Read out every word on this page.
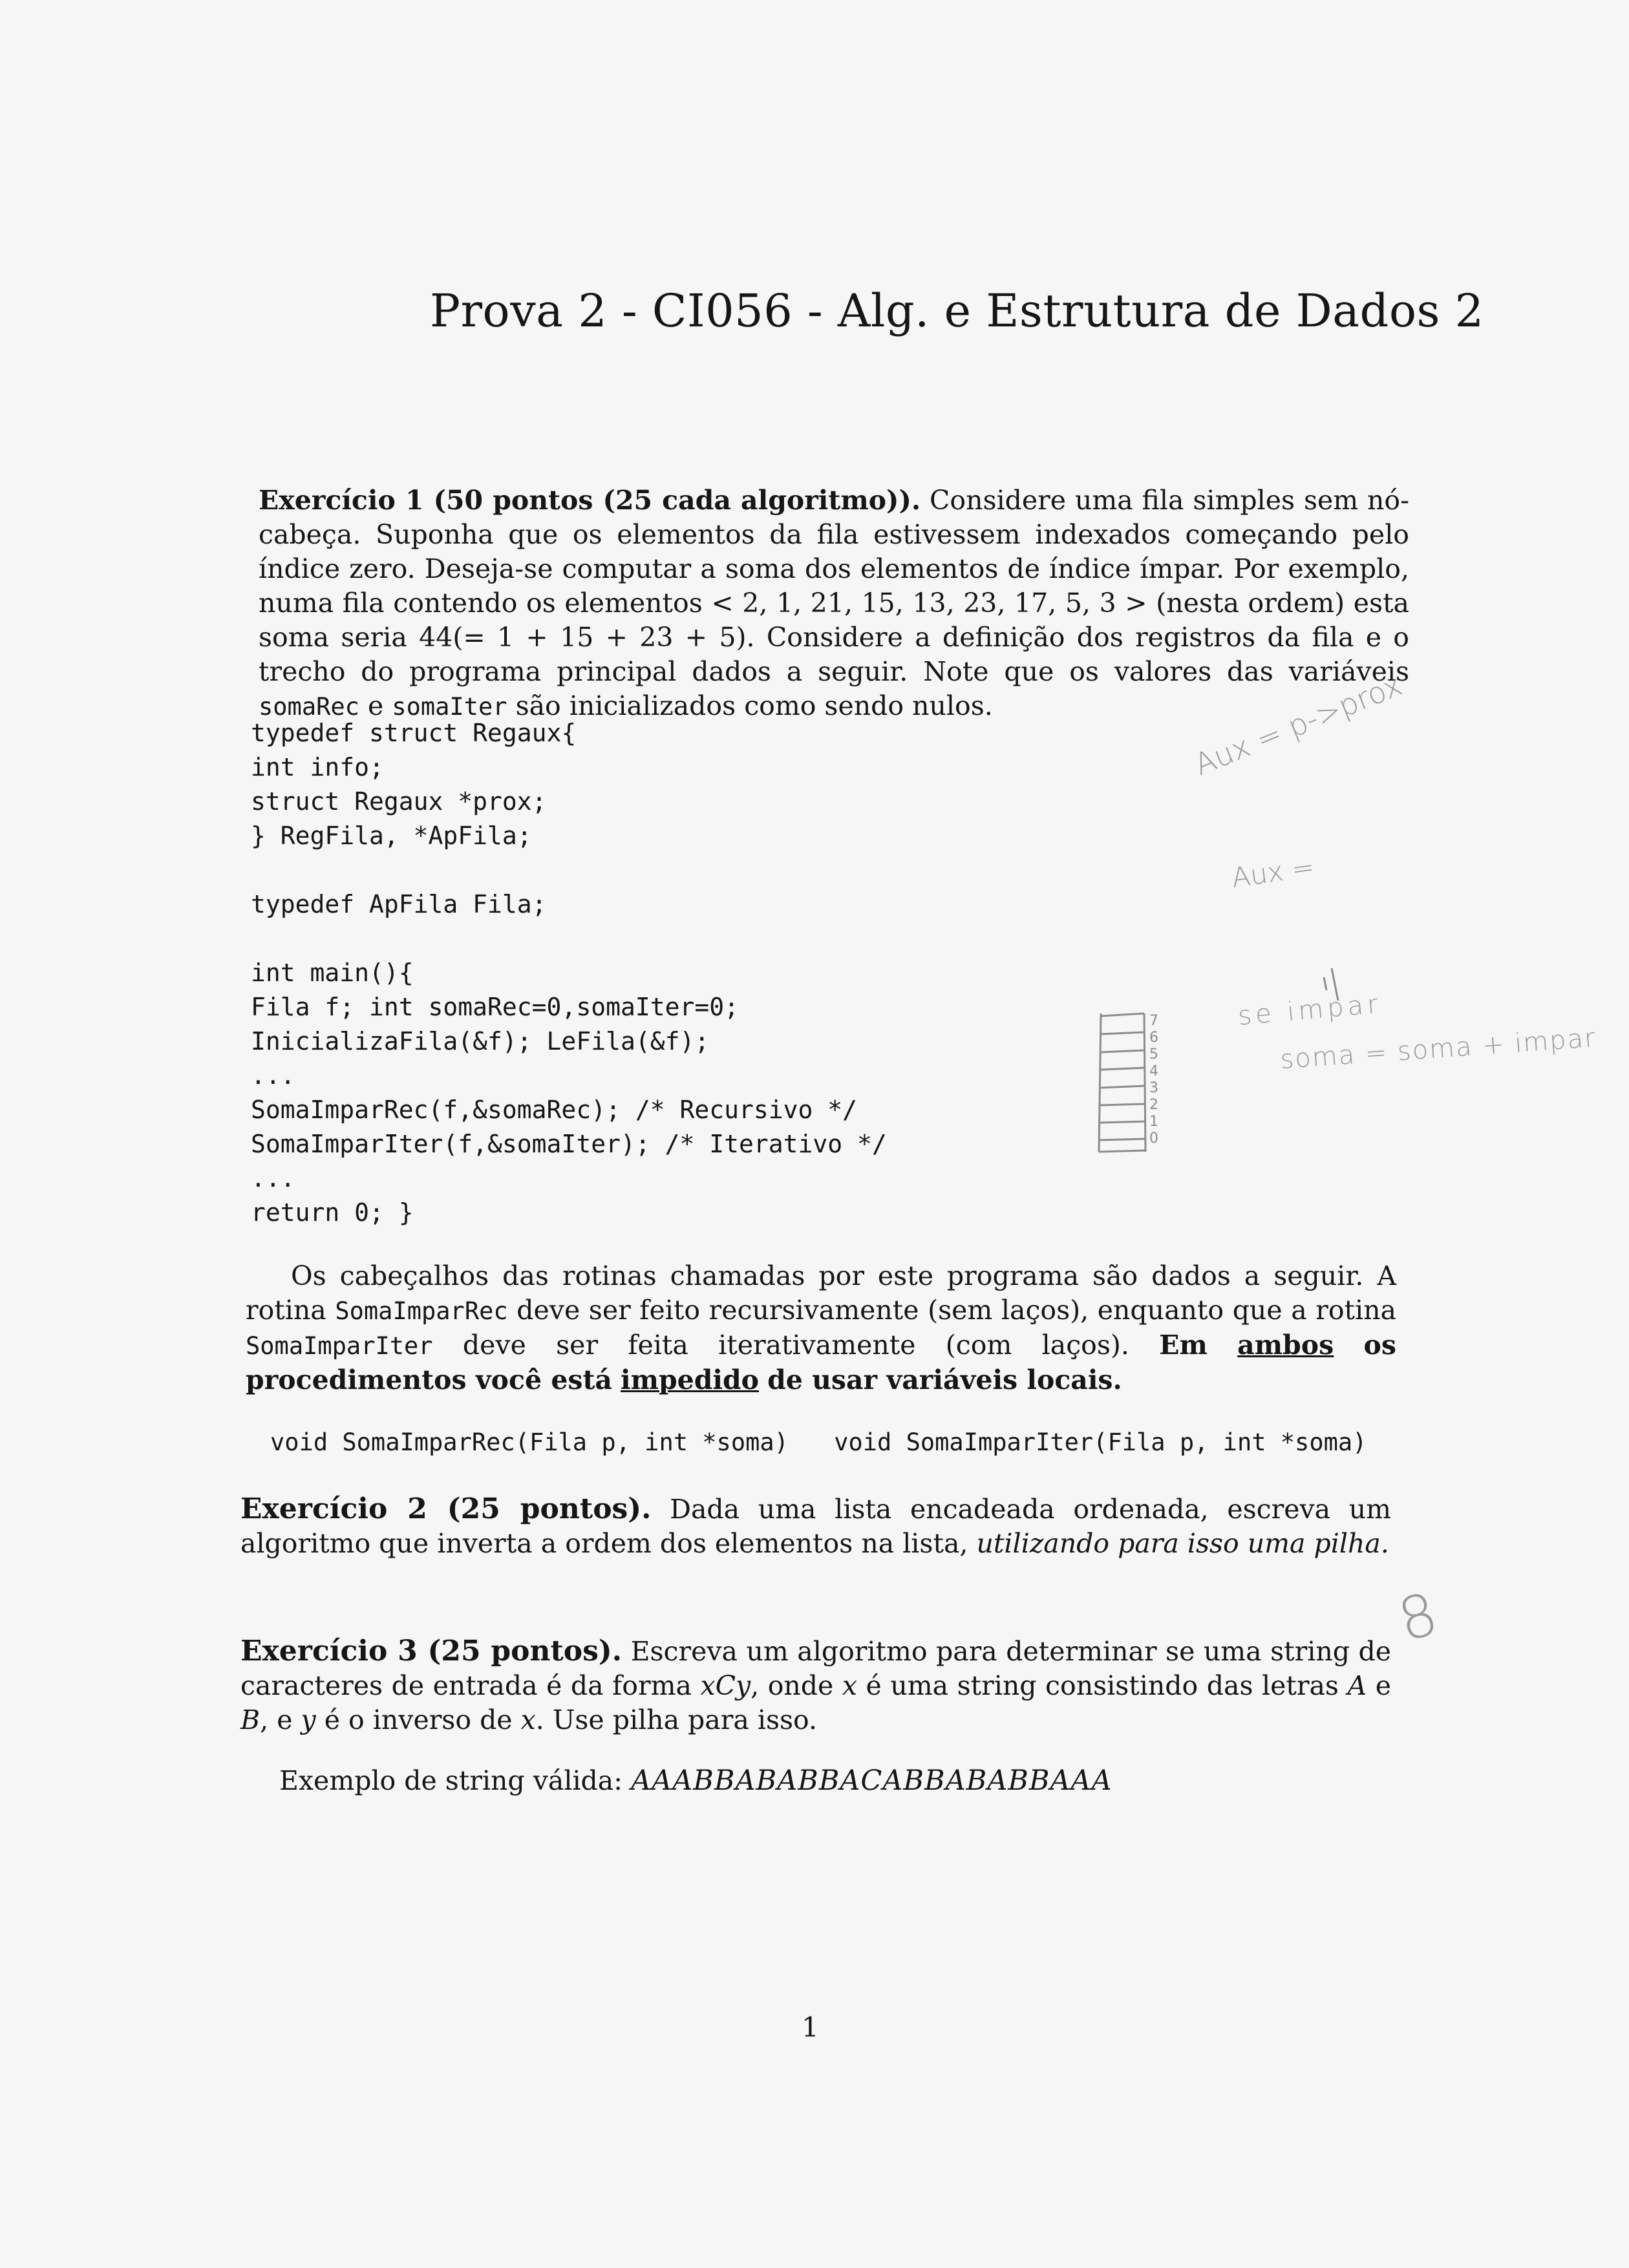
Prova 2 - CI056 - Alg. e Estrutura de Dados 2
Exercício 1 (50 pontos (25 cada algoritmo)). Considere uma fila simples sem nó-cabeça. Suponha que os elementos da fila estivessem indexados começando pelo índice zero. Deseja-se computar a soma dos elementos de índice ímpar. Por exemplo, numa fila contendo os elementos < 2, 1, 21, 15, 13, 23, 17, 5, 3 > (nesta ordem) esta soma seria 44(= 1 + 15 + 23 + 5). Considere a definição dos registros da fila e o trecho do programa principal dados a seguir. Note que os valores das variáveis somaRec e somaIter são inicializados como sendo nulos.
typedef struct Regaux{
int info;
struct Regaux *prox;
} RegFila, *ApFila;

typedef ApFila Fila;

int main(){
Fila f; int somaRec=0,somaIter=0;
InicializaFila(&f); LeFila(&f);
...
SomaImparRec(f,&somaRec); /* Recursivo */
SomaImparIter(f,&somaIter); /* Iterativo */
...
return 0; }
Os cabeçalhos das rotinas chamadas por este programa são dados a seguir. A rotina SomaImparRec deve ser feito recursivamente (sem laços), enquanto que a rotina SomaImparIter deve ser feita iterativamente (com laços). Em ambos os procedimentos você está impedido de usar variáveis locais.
void SomaImparRec(Fila p, int *soma) void SomaImparIter(Fila p, int *soma)
Exercício 2 (25 pontos). Dada uma lista encadeada ordenada, escreva um algoritmo que inverta a ordem dos elementos na lista, utilizando para isso uma pilha.
Exercício 3 (25 pontos). Escreva um algoritmo para determinar se uma string de caracteres de entrada é da forma xCy, onde x é uma string consistindo das letras A e B, e y é o inverso de x. Use pilha para isso.
Exemplo de string válida: AAABBABABBACABBABABBAAA
1
Aux = p->prox
Aux =
se impar
soma = soma + impar
8
7
6
5
4
3
2
1
0
